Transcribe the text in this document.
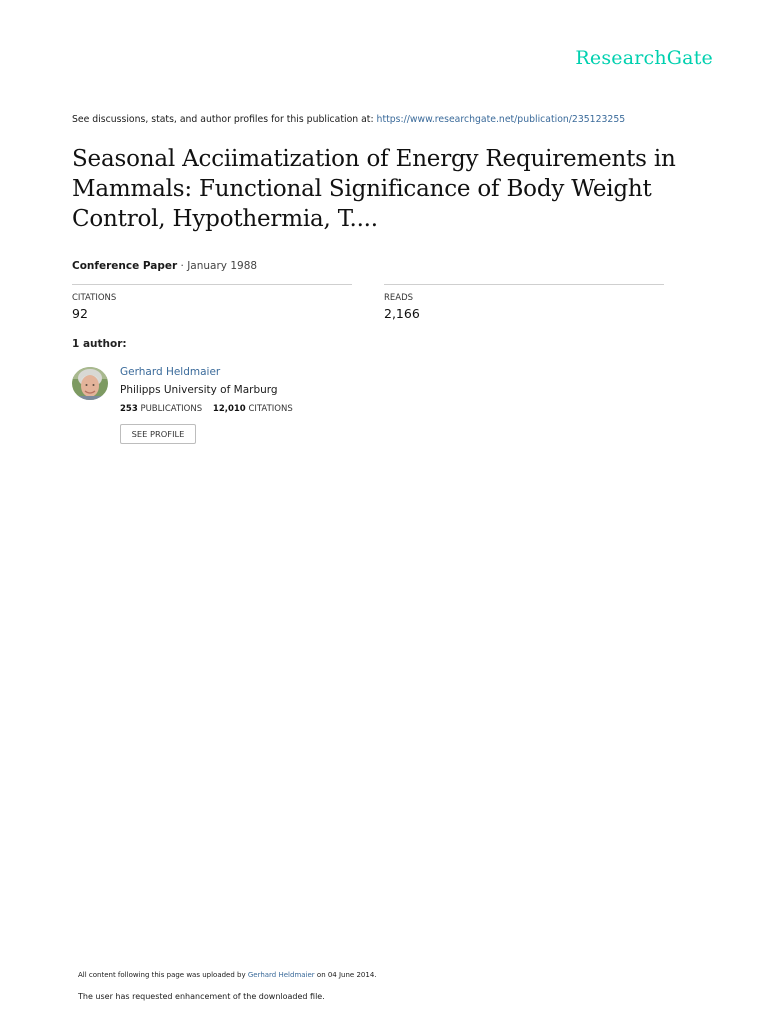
ResearchGate
See discussions, stats, and author profiles for this publication at: https://www.researchgate.net/publication/235123255
Seasonal Acciimatization of Energy Requirements in Mammals: Functional Significance of Body Weight Control, Hypothermia, T....
Conference Paper · January 1988
CITATIONS
92
READS
2,166
1 author:
Gerhard Heldmaier
Philipps University of Marburg
253 PUBLICATIONS 12,010 CITATIONS
SEE PROFILE
All content following this page was uploaded by Gerhard Heldmaier on 04 June 2014.
The user has requested enhancement of the downloaded file.
